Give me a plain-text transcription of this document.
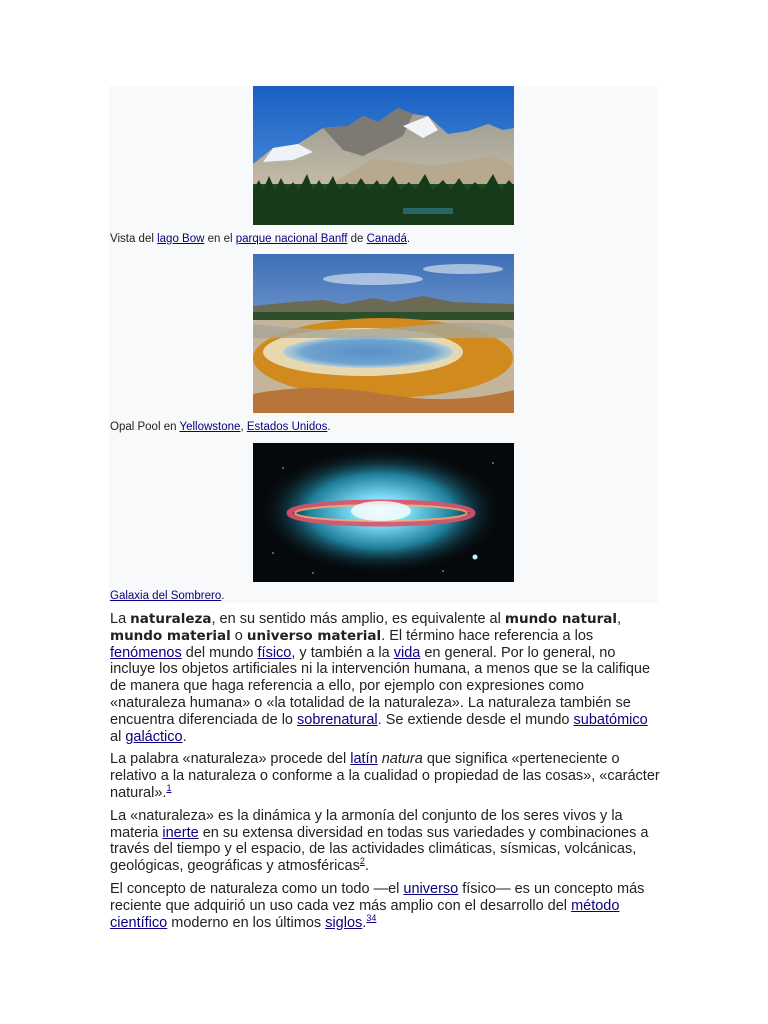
Vista del lago Bow en el parque nacional Banff de Canadá.
Opal Pool en Yellowstone, Estados Unidos.
Galaxia del Sombrero.

La naturaleza, en su sentido más amplio, es equivalente al mundo natural, mundo material o universo material. El término hace referencia a los fenómenos del mundo físico, y también a la vida en general. Por lo general, no incluye los objetos artificiales ni la intervención humana, a menos que se la califique de manera que haga referencia a ello, por ejemplo con expresiones como «naturaleza humana» o «la totalidad de la naturaleza». La naturaleza también se encuentra diferenciada de lo sobrenatural. Se extiende desde el mundo subatómico al galáctico.

La palabra «naturaleza» procede del latín natura que significa «perteneciente o relativo a la naturaleza o conforme a la cualidad o propiedad de las cosas», «carácter natural».$^1$

La «naturaleza» es la dinámica y la armonía del conjunto de los seres vivos y la materia inerte en su extensa diversidad en todas sus variedades y combinaciones a través del tiempo y el espacio, de las actividades climáticas, sísmicas, volcánicas, geológicas, geográficas y atmosféricas$^2$.

El concepto de naturaleza como un todo —el universo físico— es un concepto más reciente que adquirió un uso cada vez más amplio con el desarrollo del método científico moderno en los últimos siglos.$^{34}$
